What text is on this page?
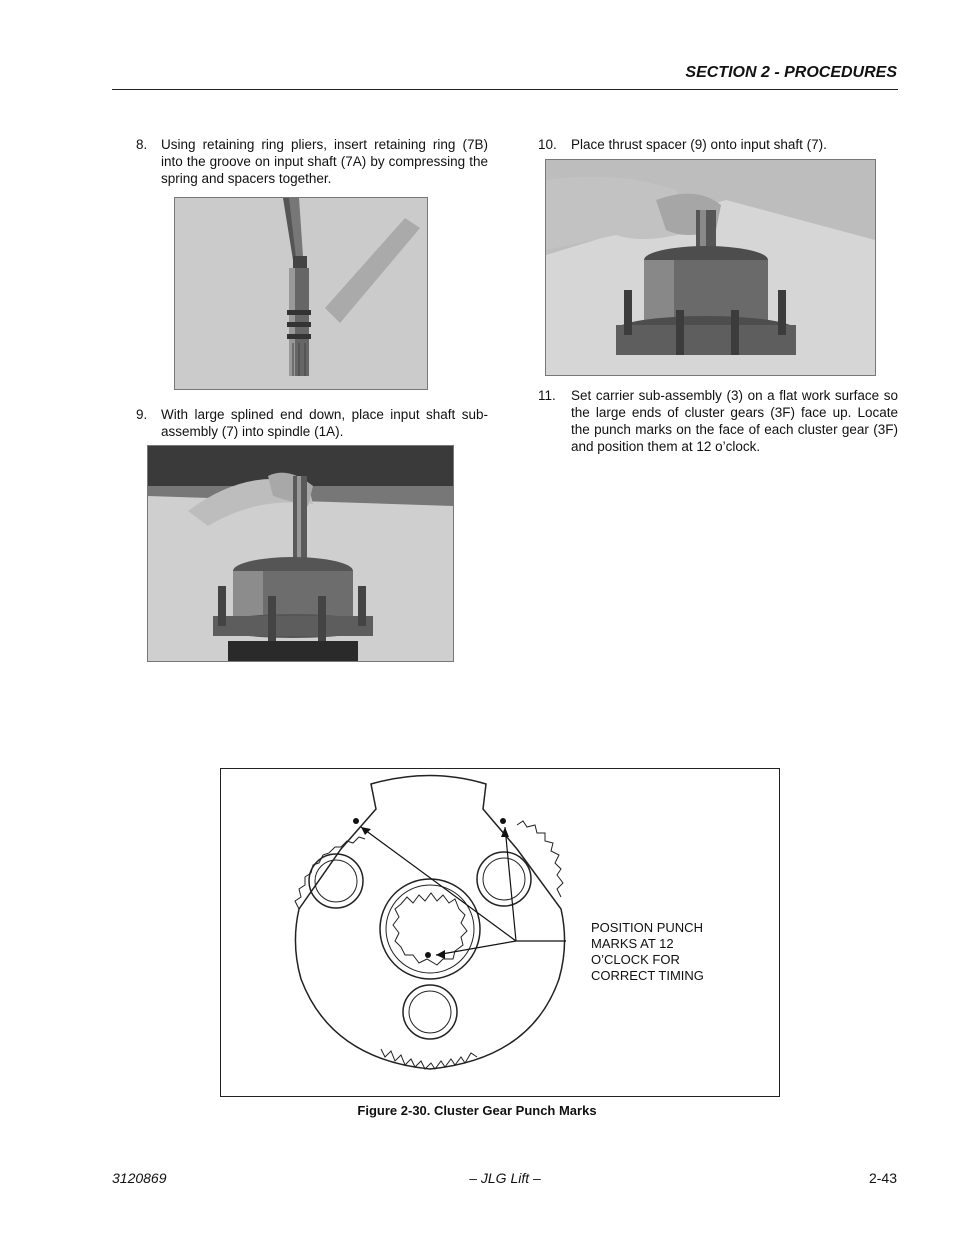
SECTION 2 - PROCEDURES
8. Using retaining ring pliers, insert retaining ring (7B) into the groove on input shaft (7A) by compressing the spring and spacers together.
9. With large splined end down, place input shaft sub-assembly (7) into spindle (1A).
10. Place thrust spacer (9) onto input shaft (7).
11. Set carrier sub-assembly (3) on a flat work surface so the large ends of cluster gears (3F) face up. Locate the punch marks on the face of each cluster gear (3F) and position them at 12 o’clock.
POSITION PUNCH
MARKS AT 12
O’CLOCK FOR
CORRECT TIMING
Figure 2-30. Cluster Gear Punch Marks
3120869	– JLG Lift –	2-43
